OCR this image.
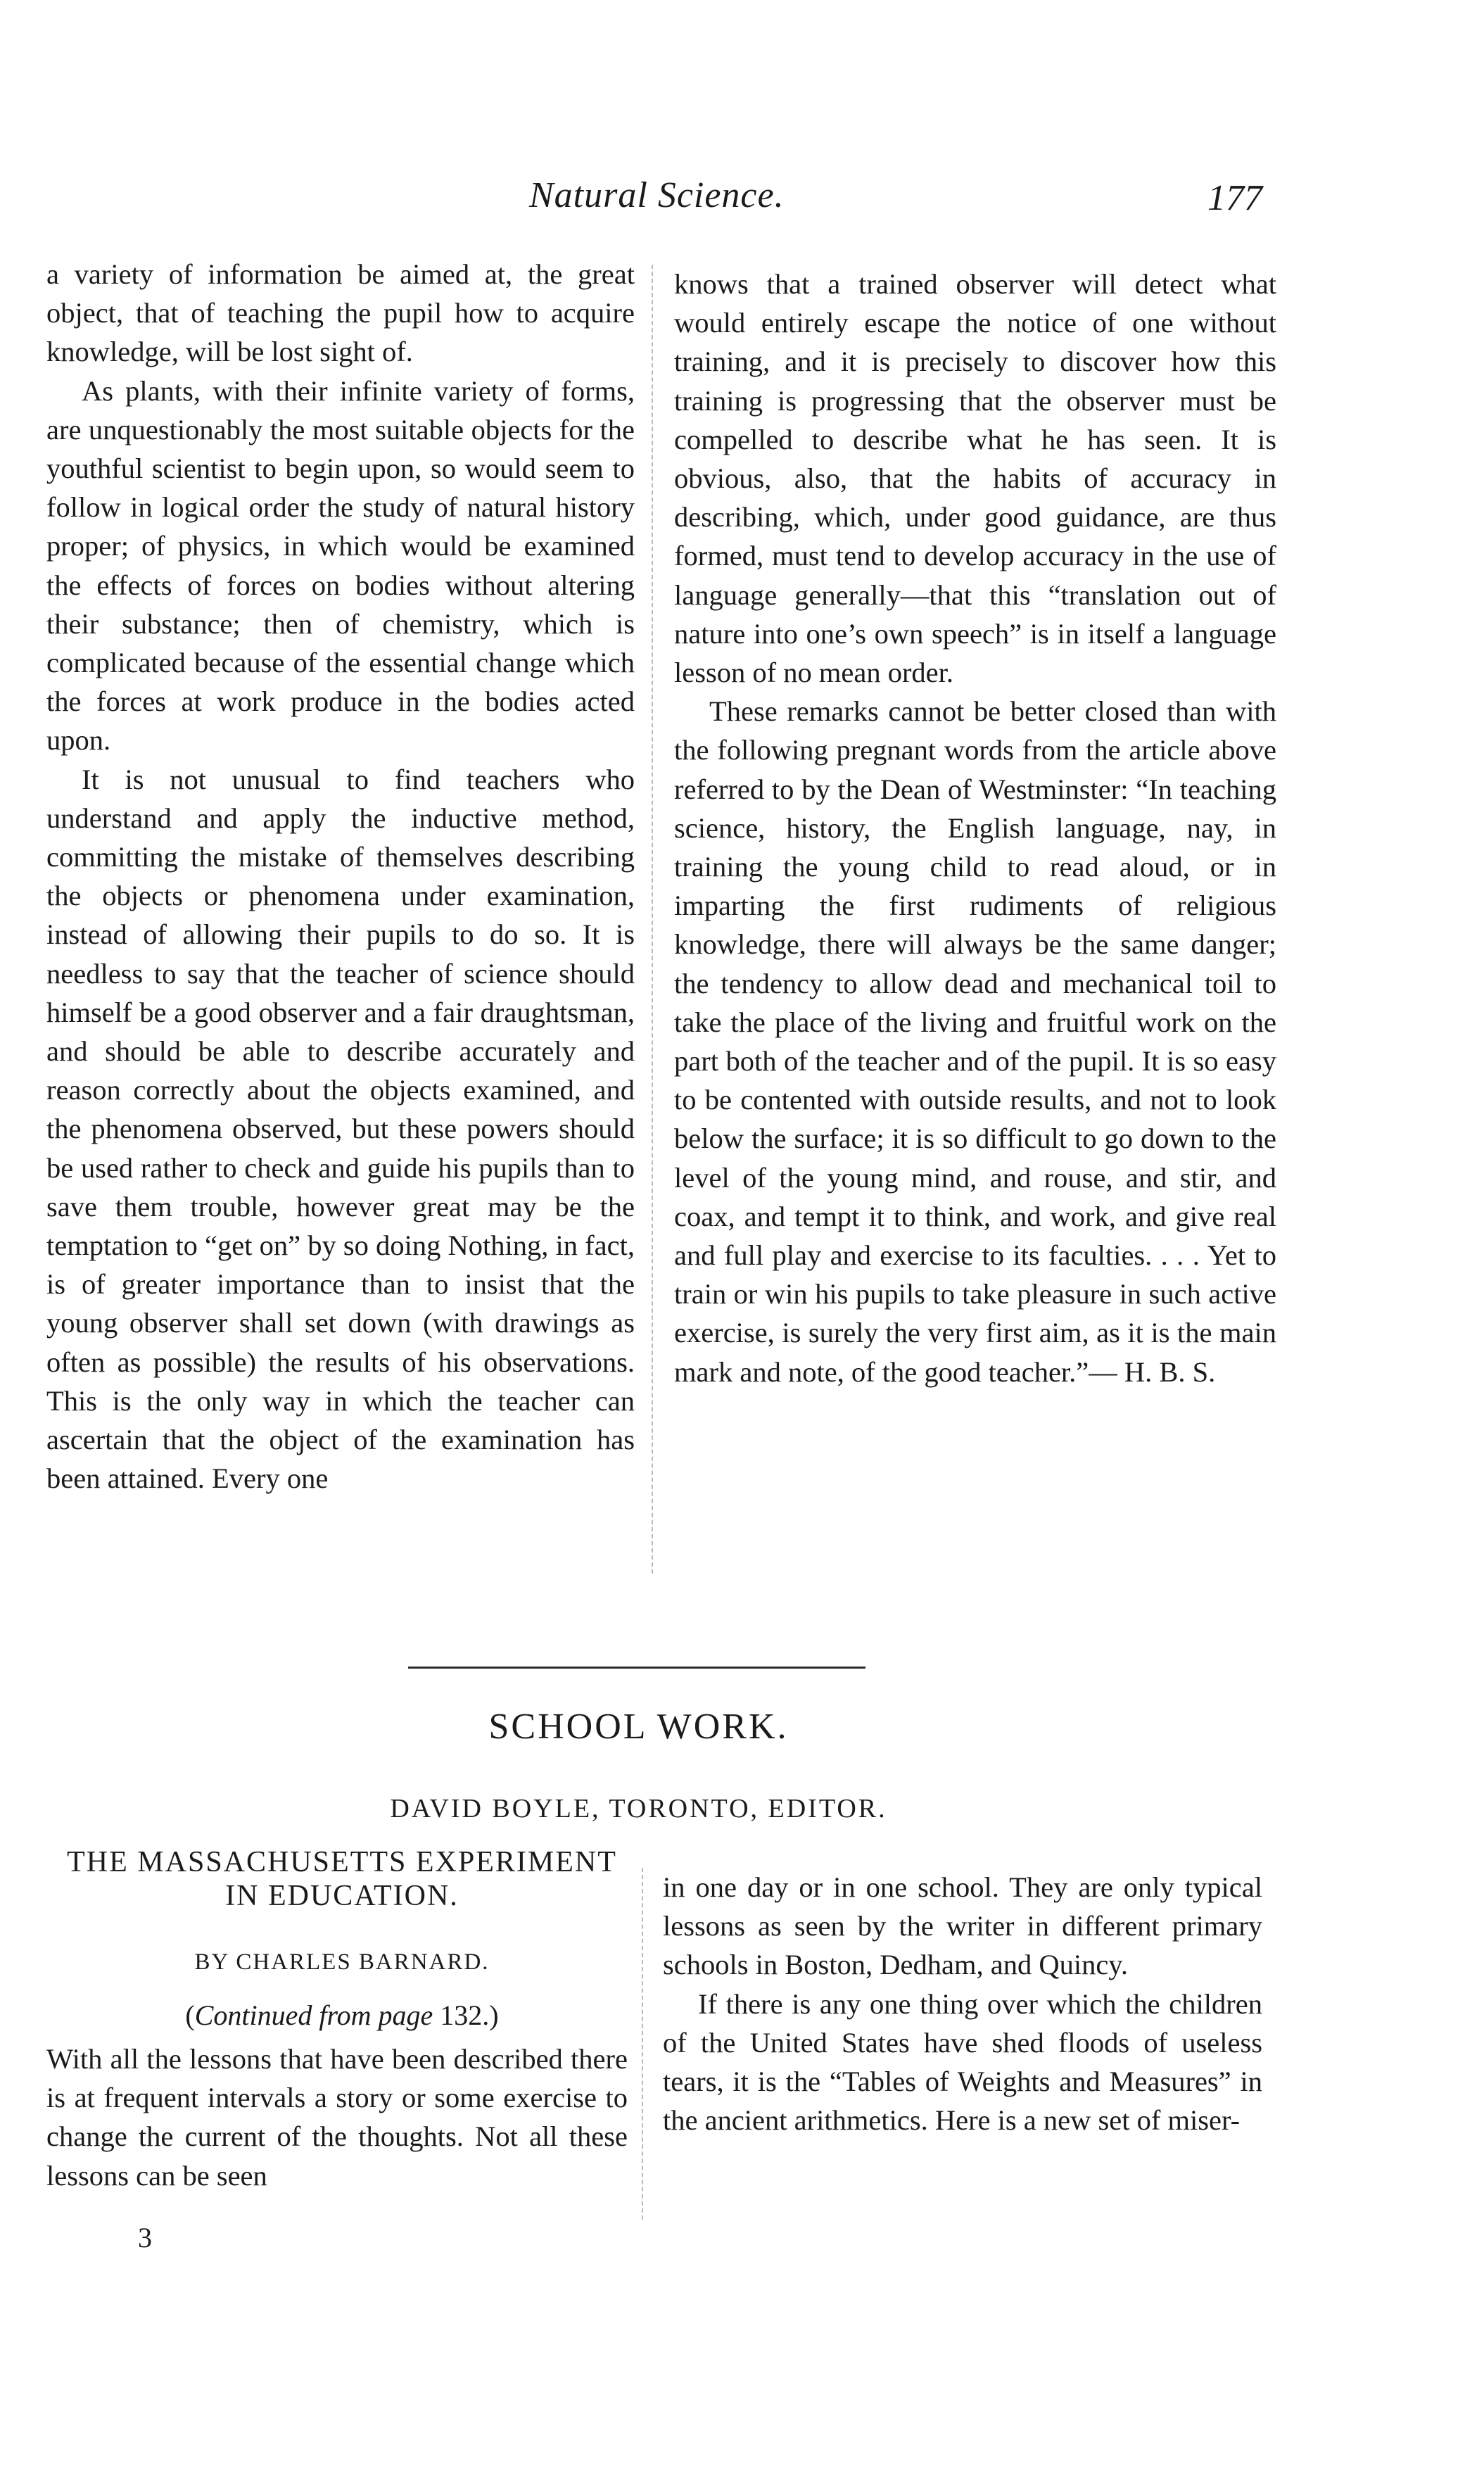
Natural Science.	177

a variety of information be aimed at, the great object, that of teaching the pupil how to acquire knowledge, will be lost sight of.

As plants, with their infinite variety of forms, are unquestionably the most suitable objects for the youthful scientist to begin upon, so would seem to follow in logical order the study of natural history proper; of physics, in which would be examined the effects of forces on bodies without altering their substance; then of chemistry, which is complicated because of the essential change which the forces at work produce in the bodies acted upon.

It is not unusual to find teachers who understand and apply the inductive method, committing the mistake of themselves describing the objects or phenomena under examination, instead of allowing their pupils to do so. It is needless to say that the teacher of science should himself be a good observer and a fair draughtsman, and should be able to describe accurately and reason correctly about the objects examined, and the phenomena observed, but these powers should be used rather to check and guide his pupils than to save them trouble, however great may be the temptation to “get on” by so doing Nothing, in fact, is of greater importance than to insist that the young observer shall set down (with drawings as often as possible) the results of his observations. This is the only way in which the teacher can ascertain that the object of the examination has been attained. Every one

knows that a trained observer will detect what would entirely escape the notice of one without training, and it is precisely to discover how this training is progressing that the observer must be compelled to describe what he has seen. It is obvious, also, that the habits of accuracy in describing, which, under good guidance, are thus formed, must tend to develop accuracy in the use of language generally—that this “translation out of nature into one’s own speech” is in itself a language lesson of no mean order.

These remarks cannot be better closed than with the following pregnant words from the article above referred to by the Dean of Westminster: “In teaching science, history, the English language, nay, in training the young child to read aloud, or in imparting the first rudiments of religious knowledge, there will always be the same danger; the tendency to allow dead and mechanical toil to take the place of the living and fruitful work on the part both of the teacher and of the pupil. It is so easy to be contented with outside results, and not to look below the surface; it is so difficult to go down to the level of the young mind, and rouse, and stir, and coax, and tempt it to think, and work, and give real and full play and exercise to its faculties. . . . Yet to train or win his pupils to take pleasure in such active exercise, is surely the very first aim, as it is the main mark and note, of the good teacher.”— H. B. S.

SCHOOL WORK.
DAVID BOYLE, TORONTO, EDITOR.
THE MASSACHUSETTS EXPERIMENT IN EDUCATION.
BY CHARLES BARNARD.
(Continued from page 132.)

With all the lessons that have been described there is at frequent intervals a story or some exercise to change the current of the thoughts. Not all these lessons can be seen

in one day or in one school. They are only typical lessons as seen by the writer in different primary schools in Boston, Dedham, and Quincy.

If there is any one thing over which the children of the United States have shed floods of useless tears, it is the “Tables of Weights and Measures” in the ancient arithmetics. Here is a new set of miser-

3
